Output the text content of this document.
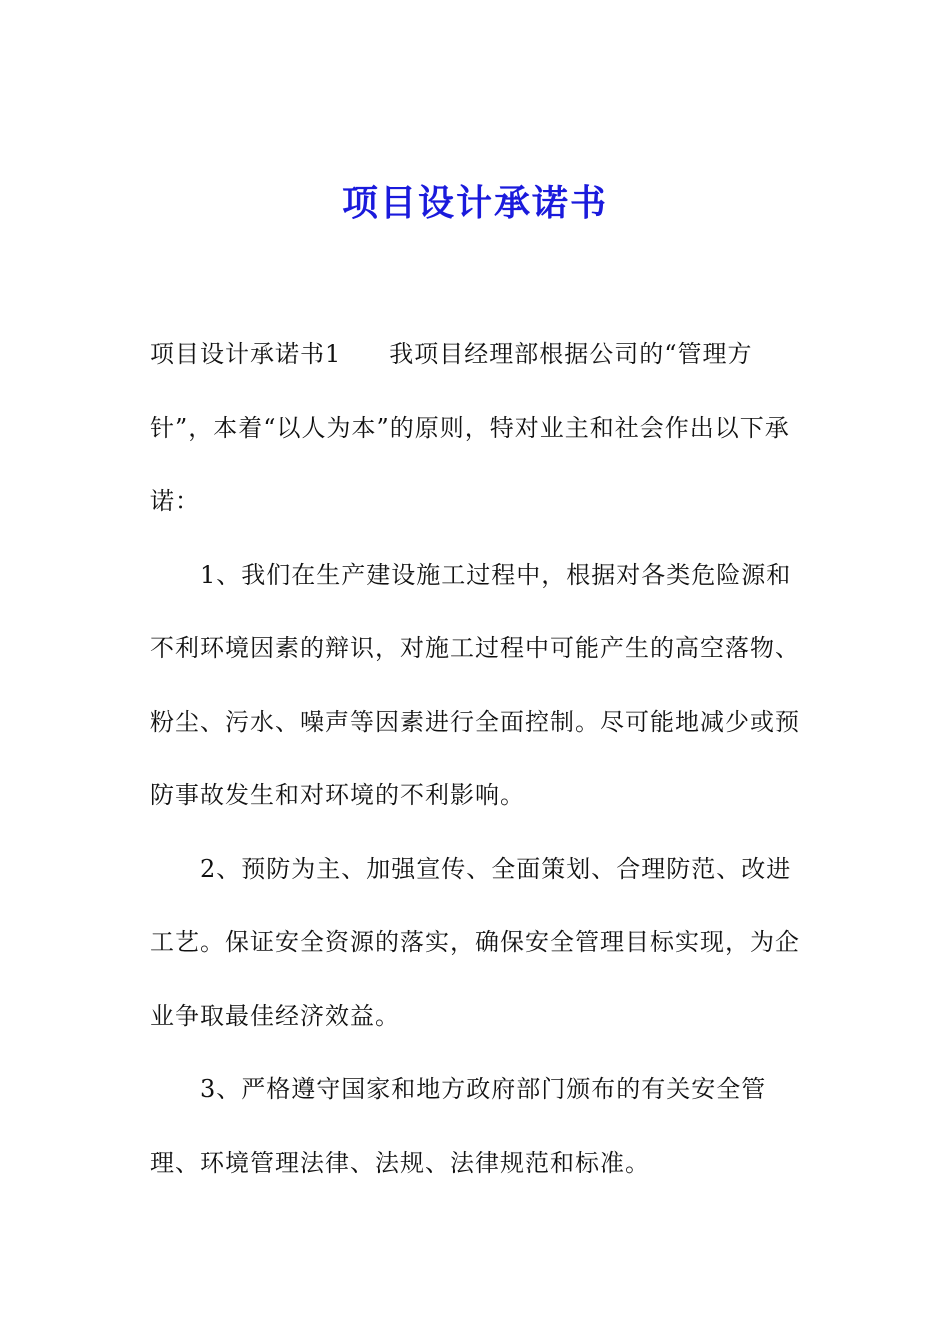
项目设计承诺书

项目设计承诺书1 我项目经理部根据公司的“管理方针”，本着“以人为本”的原则，特对业主和社会作出以下承诺：

1、我们在生产建设施工过程中，根据对各类危险源和不利环境因素的辩识，对施工过程中可能产生的高空落物、粉尘、污水、噪声等因素进行全面控制。尽可能地减少或预防事故发生和对环境的不利影响。

2、预防为主、加强宣传、全面策划、合理防范、改进工艺。保证安全资源的落实，确保安全管理目标实现，为企业争取最佳经济效益。

3、严格遵守国家和地方政府部门颁布的有关安全管理、环境管理法律、法规、法律规范和标准。
